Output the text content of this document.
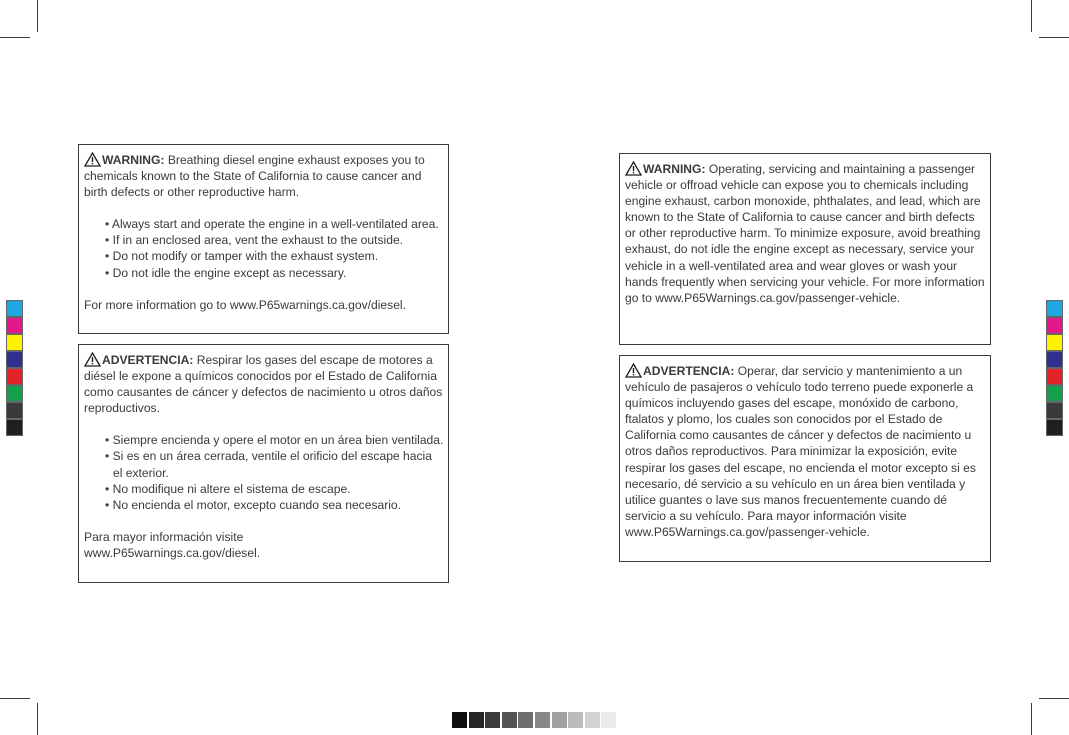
WARNING: Breathing diesel engine exhaust exposes you to chemicals known to the State of California to cause cancer and birth defects or other reproductive harm.

• Always start and operate the engine in a well-ventilated area.
• If in an enclosed area, vent the exhaust to the outside.
• Do not modify or tamper with the exhaust system.
• Do not idle the engine except as necessary.

For more information go to www.P65warnings.ca.gov/diesel.

ADVERTENCIA: Respirar los gases del escape de motores a diésel le expone a químicos conocidos por el Estado de California como causantes de cáncer y defectos de nacimiento u otros daños reproductivos.

• Siempre encienda y opere el motor en un área bien ventilada.
• Si es en un área cerrada, ventile el orificio del escape hacia el exterior.
• No modifique ni altere el sistema de escape.
• No encienda el motor, excepto cuando sea necesario.

Para mayor información visite

www.P65warnings.ca.gov/diesel.

WARNING: Operating, servicing and maintaining a passenger vehicle or offroad vehicle can expose you to chemicals including engine exhaust, carbon monoxide, phthalates, and lead, which are known to the State of California to cause cancer and birth defects or other reproductive harm. To minimize exposure, avoid breathing exhaust, do not idle the engine except as necessary, service your vehicle in a well-ventilated area and wear gloves or wash your hands frequently when servicing your vehicle. For more information go to www.P65Warnings.ca.gov/passenger-vehicle.

ADVERTENCIA: Operar, dar servicio y mantenimiento a un vehículo de pasajeros o vehículo todo terreno puede exponerle a químicos incluyendo gases del escape, monóxido de carbono, ftalatos y plomo, los cuales son conocidos por el Estado de California como causantes de cáncer y defectos de nacimiento u otros daños reproductivos. Para minimizar la exposición, evite respirar los gases del escape, no encienda el motor excepto si es necesario, dé servicio a su vehículo en un área bien ventilada y utilice guantes o lave sus manos frecuentemente cuando dé servicio a su vehículo. Para mayor información visite www.P65Warnings.ca.gov/passenger-vehicle.
